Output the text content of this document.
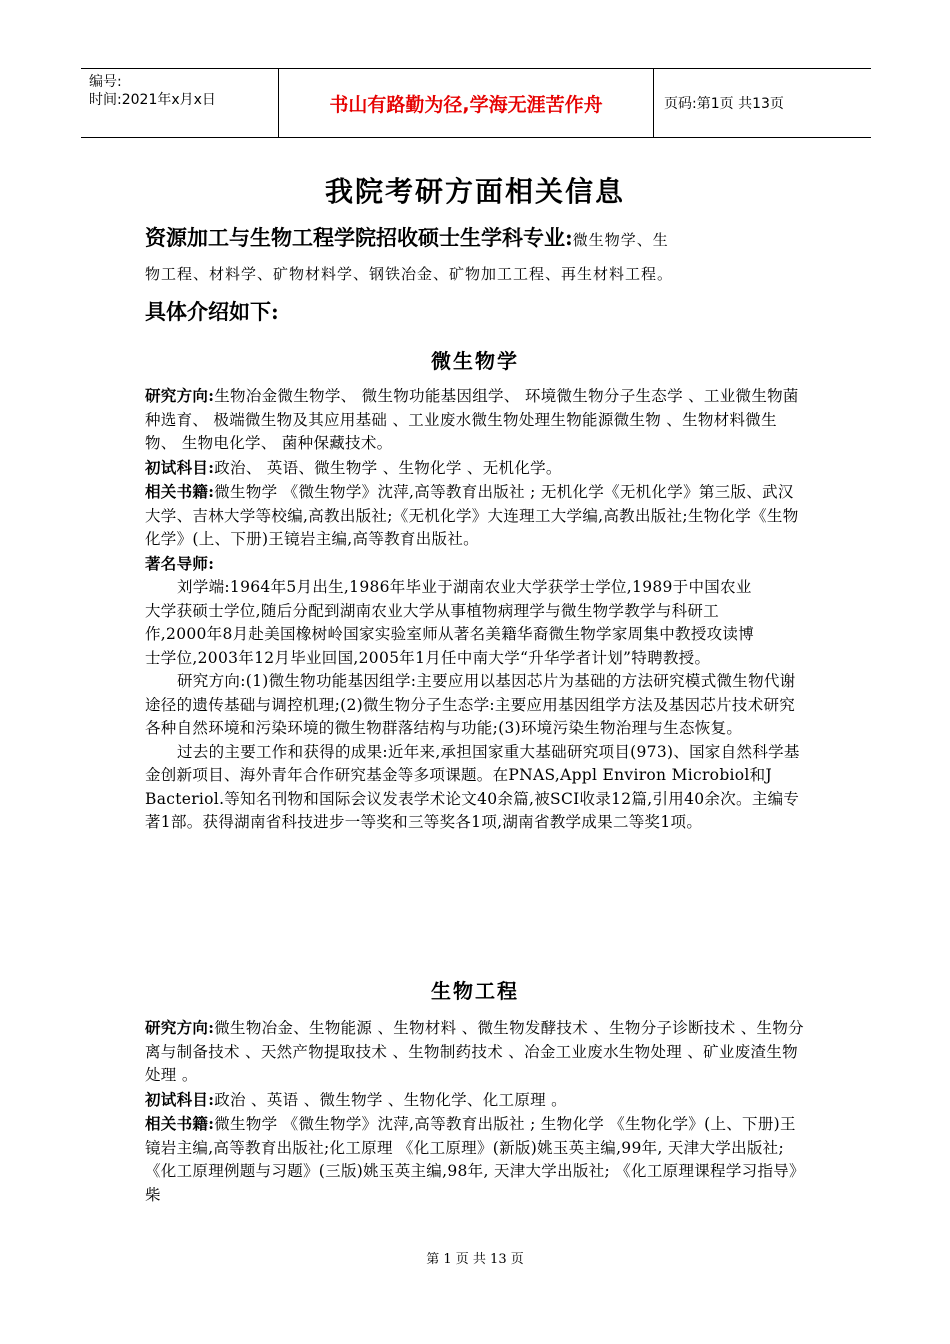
编号:
时间:2021年x月x日	书山有路勤为径,学海无涯苦作舟	页码:第1页 共13页
我院考研方面相关信息
资源加工与生物工程学院招收硕士生学科专业:微生物学、生
物工程、材料学、矿物材料学、钢铁冶金、矿物加工工程、再生材料工程。
具体介绍如下:
微生物学
研究方向:生物冶金微生物学、 微生物功能基因组学、 环境微生物分子生态学 、工业微生物菌种选育、 极端微生物及其应用基础 、工业废水微生物处理生物能源微生物 、生物材料微生物、 生物电化学、 菌种保藏技术。
初试科目:政治、 英语、微生物学 、生物化学 、无机化学。
相关书籍:微生物学 《微生物学》沈萍,高等教育出版社 ; 无机化学《无机化学》第三版、武汉大学、吉林大学等校编,高教出版社;《无机化学》大连理工大学编,高教出版社;生物化学《生物化学》(上、下册)王镜岩主编,高等教育出版社。
著名导师:
刘学端:1964年5月出生,1986年毕业于湖南农业大学获学士学位,1989于中国农业大学获硕士学位,随后分配到湖南农业大学从事植物病理学与微生物学教学与科研工作,2000年8月赴美国橡树岭国家实验室师从著名美籍华裔微生物学家周集中教授攻读博士学位,2003年12月毕业回国,2005年1月任中南大学“升华学者计划”特聘教授。
研究方向:(1)微生物功能基因组学:主要应用以基因芯片为基础的方法研究模式微生物代谢途径的遗传基础与调控机理;(2)微生物分子生态学:主要应用基因组学方法及基因芯片技术研究各种自然环境和污染环境的微生物群落结构与功能;(3)环境污染生物治理与生态恢复。
过去的主要工作和获得的成果:近年来,承担国家重大基础研究项目(973)、国家自然科学基金创新项目、海外青年合作研究基金等多项课题。在PNAS,Appl Environ Microbiol和J Bacteriol.等知名刊物和国际会议发表学术论文40余篇,被SCI收录12篇,引用40余次。主编专著1部。获得湖南省科技进步一等奖和三等奖各1项,湖南省教学成果二等奖1项。
生物工程
研究方向:微生物冶金、生物能源 、生物材料 、微生物发酵技术 、生物分子诊断技术 、生物分离与制备技术 、天然产物提取技术 、生物制药技术 、冶金工业废水生物处理 、矿业废渣生物处理 。
初试科目:政治 、英语 、微生物学 、生物化学、化工原理 。
相关书籍:微生物学 《微生物学》沈萍,高等教育出版社 ; 生物化学 《生物化学》(上、下册)王镜岩主编,高等教育出版社;化工原理 《化工原理》(新版)姚玉英主编,99年, 天津大学出版社;《化工原理例题与习题》(三版)姚玉英主编,98年, 天津大学出版社; 《化工原理课程学习指导》柴
第 1 页 共 13 页
